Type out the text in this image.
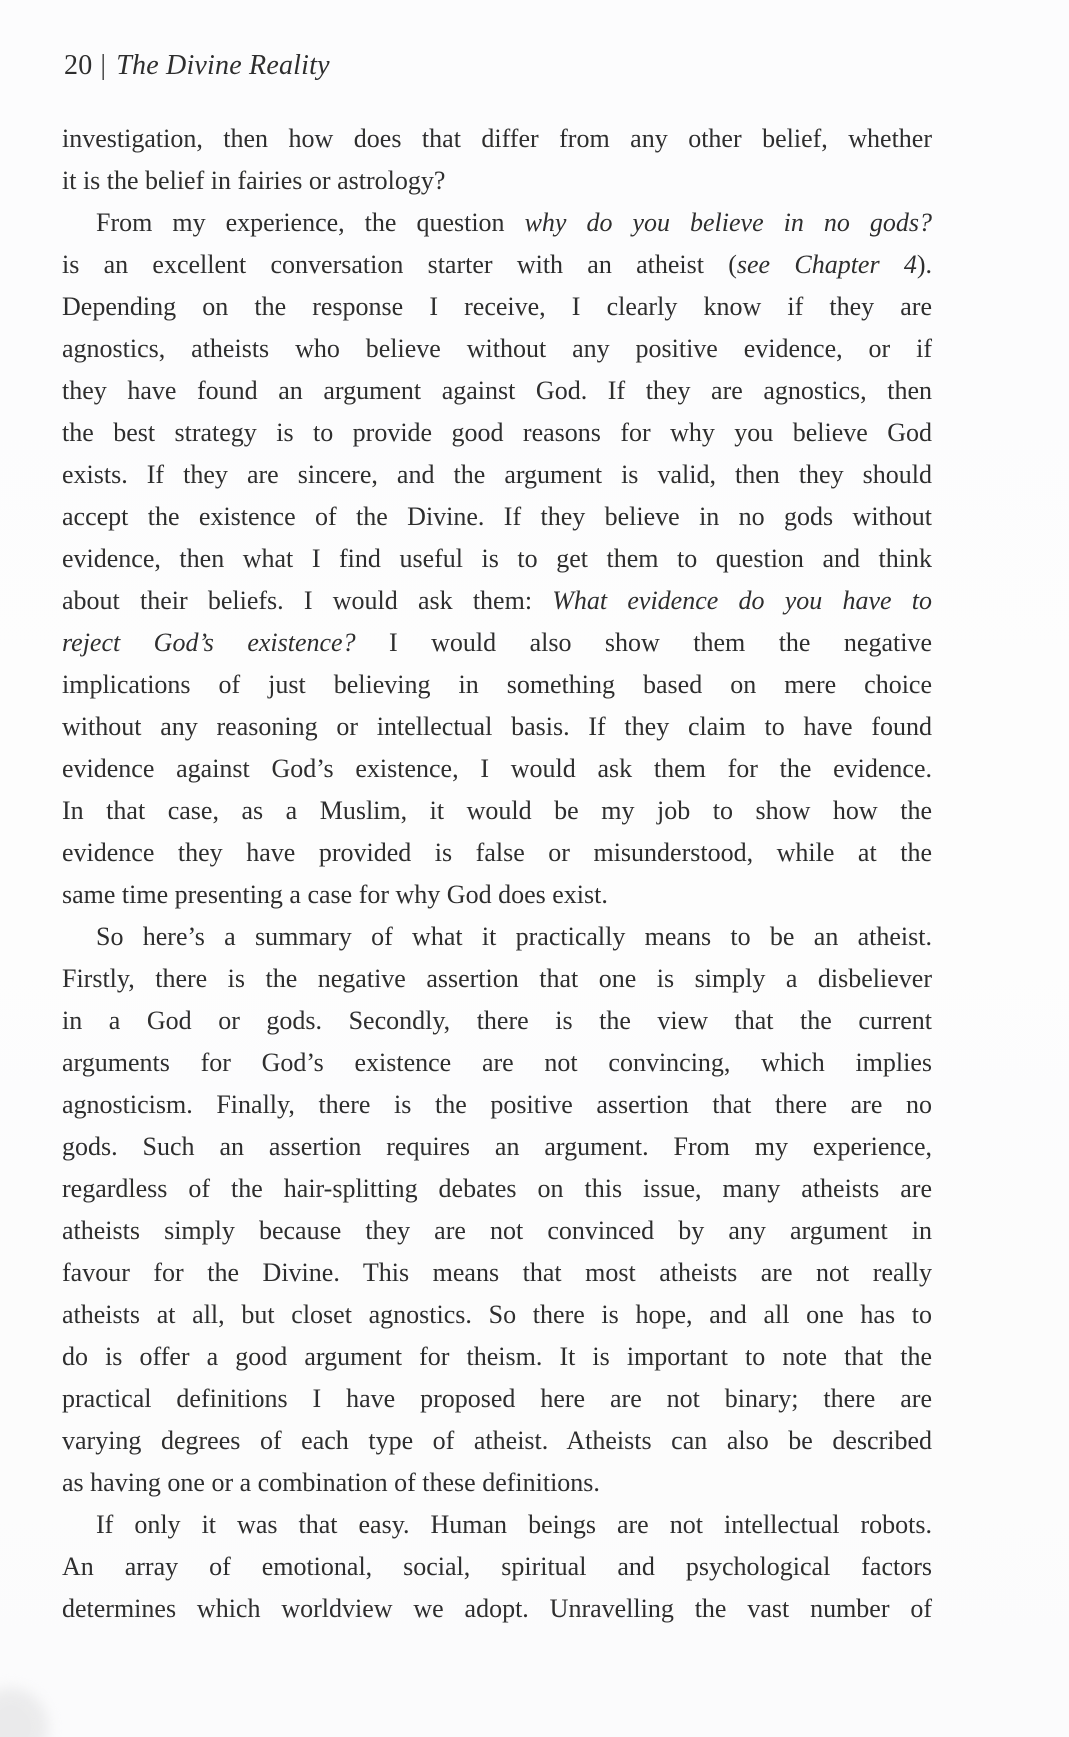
20 | The Divine Reality
investigation, then how does that differ from any other belief, whether
it is the belief in fairies or astrology?
From my experience, the question why do you believe in no gods?
is an excellent conversation starter with an atheist (see Chapter 4).
Depending on the response I receive, I clearly know if they are
agnostics, atheists who believe without any positive evidence, or if
they have found an argument against God. If they are agnostics, then
the best strategy is to provide good reasons for why you believe God
exists. If they are sincere, and the argument is valid, then they should
accept the existence of the Divine. If they believe in no gods without
evidence, then what I find useful is to get them to question and think
about their beliefs. I would ask them: What evidence do you have to
reject God’s existence? I would also show them the negative
implications of just believing in something based on mere choice
without any reasoning or intellectual basis. If they claim to have found
evidence against God’s existence, I would ask them for the evidence.
In that case, as a Muslim, it would be my job to show how the
evidence they have provided is false or misunderstood, while at the
same time presenting a case for why God does exist.
So here’s a summary of what it practically means to be an atheist.
Firstly, there is the negative assertion that one is simply a disbeliever
in a God or gods. Secondly, there is the view that the current
arguments for God’s existence are not convincing, which implies
agnosticism. Finally, there is the positive assertion that there are no
gods. Such an assertion requires an argument. From my experience,
regardless of the hair-splitting debates on this issue, many atheists are
atheists simply because they are not convinced by any argument in
favour for the Divine. This means that most atheists are not really
atheists at all, but closet agnostics. So there is hope, and all one has to
do is offer a good argument for theism. It is important to note that the
practical definitions I have proposed here are not binary; there are
varying degrees of each type of atheist. Atheists can also be described
as having one or a combination of these definitions.
If only it was that easy. Human beings are not intellectual robots.
An array of emotional, social, spiritual and psychological factors
determines which worldview we adopt. Unravelling the vast number of
